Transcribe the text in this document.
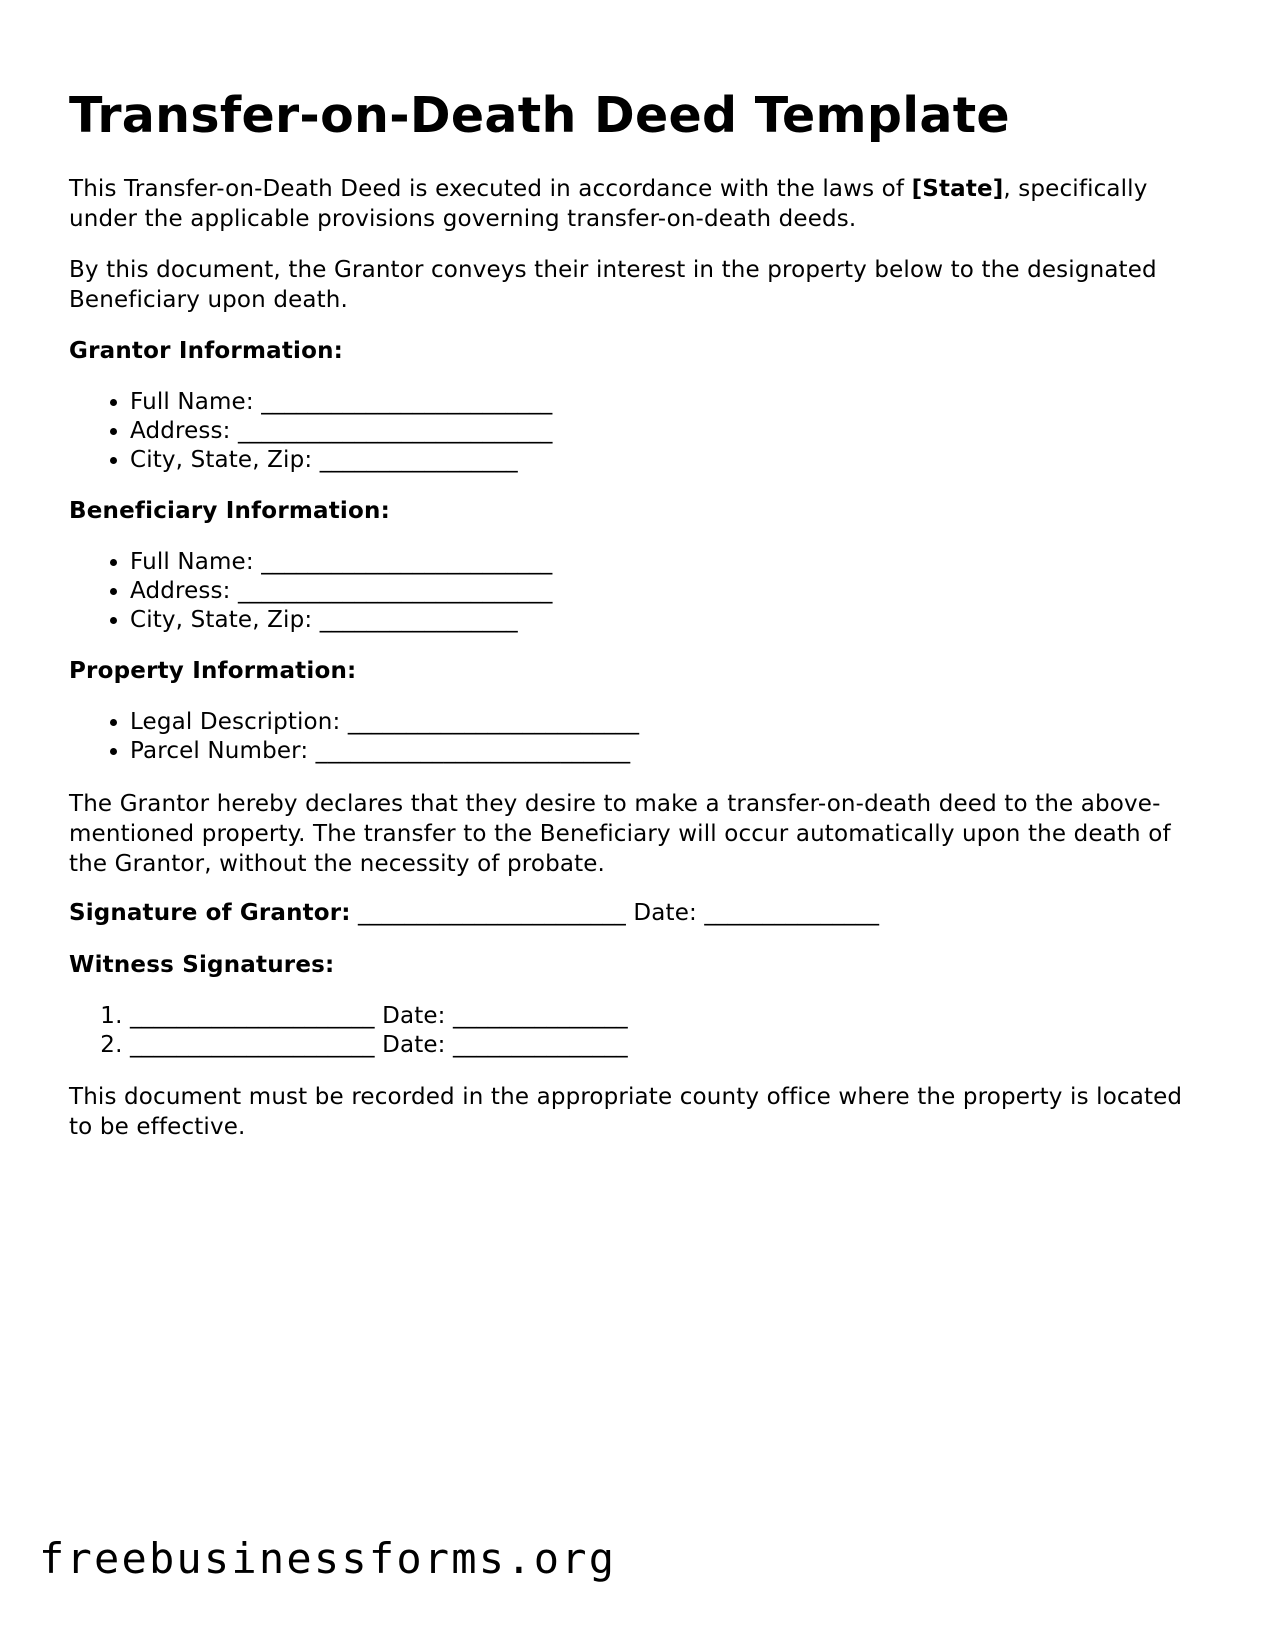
Transfer-on-Death Deed Template

This Transfer-on-Death Deed is executed in accordance with the laws of [State], specifically under the applicable provisions governing transfer-on-death deeds.

By this document, the Grantor conveys their interest in the property below to the designated Beneficiary upon death.

Grantor Information:

• Full Name: _________________________
• Address: ___________________________
• City, State, Zip: _________________

Beneficiary Information:

• Full Name: _________________________
• Address: ___________________________
• City, State, Zip: _________________

Property Information:

• Legal Description: _________________________
• Parcel Number: ___________________________

The Grantor hereby declares that they desire to make a transfer-on-death deed to the above-mentioned property. The transfer to the Beneficiary will occur automatically upon the death of the Grantor, without the necessity of probate.

Signature of Grantor: _______________________ Date: _______________

Witness Signatures:

1. _____________________ Date: _______________
2. _____________________ Date: _______________

This document must be recorded in the appropriate county office where the property is located to be effective.

freebusinessforms.org
